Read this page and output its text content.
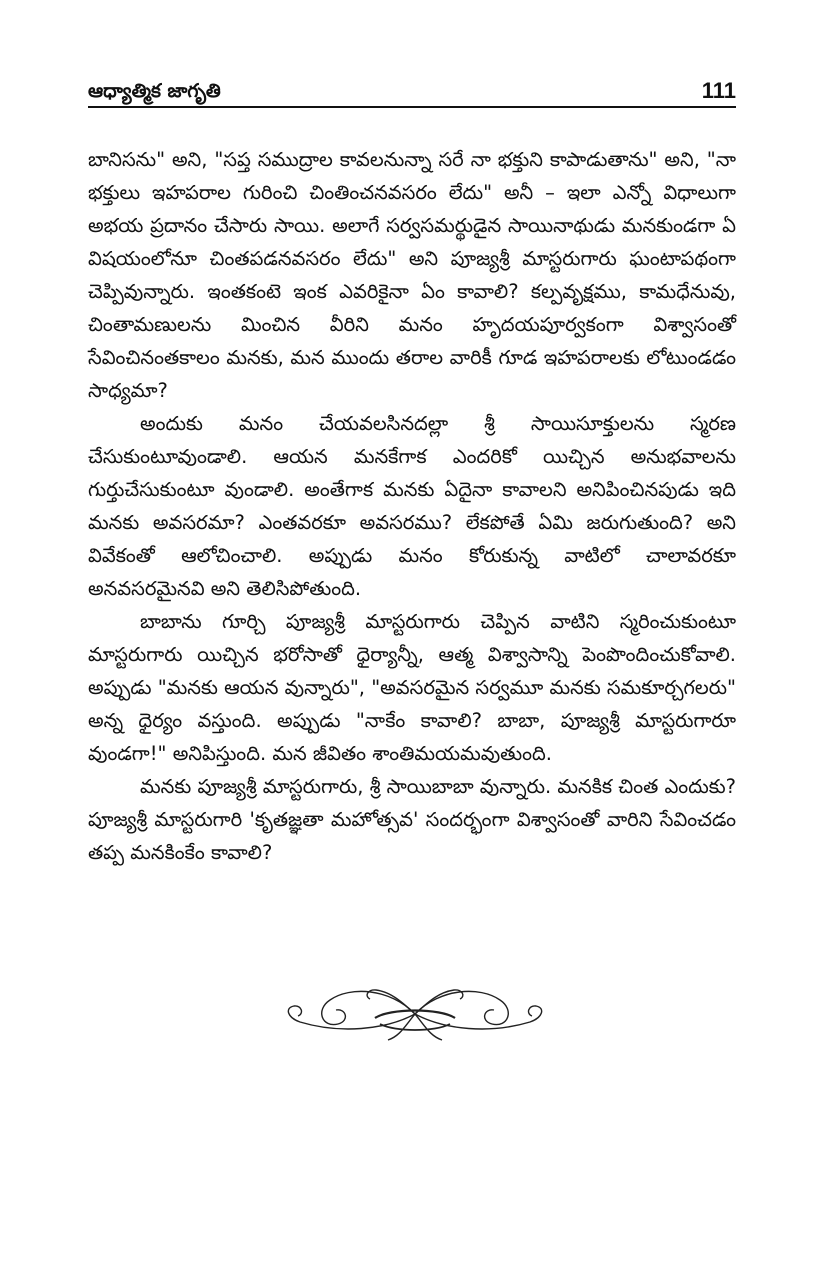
ఆధ్యాత్మిక జాగృతి	111

బానిసను" అని, "సప్త సముద్రాల కావలనున్నా సరే నా భక్తుని కాపాడుతాను" అని, "నా భక్తులు ఇహపరాల గురించి చింతించనవసరం లేదు" అనీ – ఇలా ఎన్నో విధాలుగా అభయ ప్రదానం చేసారు సాయి. అలాగే సర్వసమర్థుడైన సాయినాథుడు మనకుండగా ఏ విషయంలోనూ చింతపడనవసరం లేదు" అని పూజ్యశ్రీ మాస్టరుగారు ఘంటాపథంగా చెప్పివున్నారు. ఇంతకంటె ఇంక ఎవరికైనా ఏం కావాలి? కల్పవృక్షము, కామధేనువు, చింతామణులను మించిన వీరిని మనం హృదయపూర్వకంగా విశ్వాసంతో సేవించినంతకాలం మనకు, మన ముందు తరాల వారికీ గూడ ఇహపరాలకు లోటుండడం సాధ్యమా?

అందుకు మనం చేయవలసినదల్లా శ్రీ సాయిసూక్తులను స్మరణ చేసుకుంటూవుండాలి. ఆయన మనకేగాక ఎందరికో యిచ్చిన అనుభవాలను గుర్తుచేసుకుంటూ వుండాలి. అంతేగాక మనకు ఏదైనా కావాలని అనిపించినపుడు ఇది మనకు అవసరమా? ఎంతవరకూ అవసరము? లేకపోతే ఏమి జరుగుతుంది? అని వివేకంతో ఆలోచించాలి. అప్పుడు మనం కోరుకున్న వాటిలో చాలావరకూ అనవసరమైనవి అని తెలిసిపోతుంది.

బాబాను గూర్చి పూజ్యశ్రీ మాస్టరుగారు చెప్పిన వాటిని స్మరించుకుంటూ మాస్టరుగారు యిచ్చిన భరోసాతో ధైర్యాన్నీ, ఆత్మ విశ్వాసాన్ని పెంపొందించుకోవాలి. అప్పుడు "మనకు ఆయన వున్నారు", "అవసరమైన సర్వమూ మనకు సమకూర్చగలరు" అన్న ధైర్యం వస్తుంది. అప్పుడు "నాకేం కావాలి? బాబా, పూజ్యశ్రీ మాస్టరుగారూ వుండగా!" అనిపిస్తుంది. మన జీవితం శాంతిమయమవుతుంది.

మనకు పూజ్యశ్రీ మాస్టరుగారు, శ్రీ సాయిబాబా వున్నారు. మనకిక చింత ఎందుకు? పూజ్యశ్రీ మాస్టరుగారి 'కృతజ్ఞతా మహోత్సవ' సందర్భంగా విశ్వాసంతో వారిని సేవించడం తప్ప మనకింకేం కావాలి?
